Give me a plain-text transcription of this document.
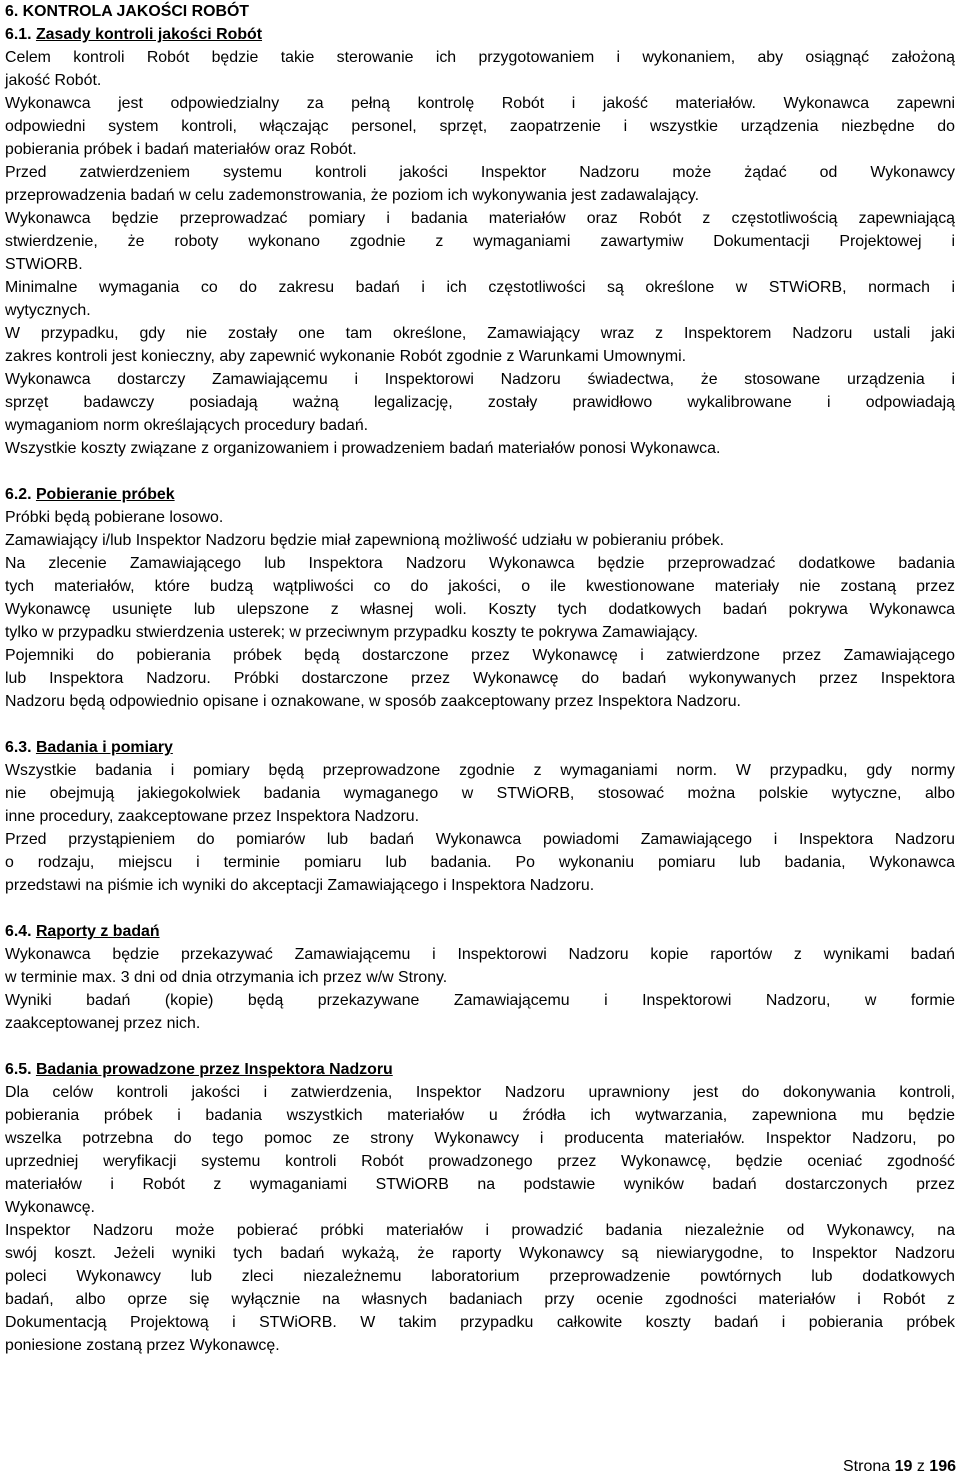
6. KONTROLA JAKOŚCI ROBÓT
6.1. Zasady kontroli jakości Robót
Celem kontroli Robót będzie takie sterowanie ich przygotowaniem i wykonaniem, aby osiągnąć założoną
jakość Robót.
Wykonawca jest odpowiedzialny za pełną kontrolę Robót i jakość materiałów. Wykonawca zapewni
odpowiedni system kontroli, włączając personel, sprzęt, zaopatrzenie i wszystkie urządzenia niezbędne do
pobierania próbek i badań materiałów oraz Robót.
Przed zatwierdzeniem systemu kontroli jakości Inspektor Nadzoru może żądać od Wykonawcy
przeprowadzenia badań w celu zademonstrowania, że poziom ich wykonywania jest zadawalający.
Wykonawca będzie przeprowadzać pomiary i badania materiałów oraz Robót z częstotliwością zapewniającą
stwierdzenie, że roboty wykonano zgodnie z wymaganiami zawartymiw Dokumentacji Projektowej i
STWiORB.
Minimalne wymagania co do zakresu badań i ich częstotliwości są określone w STWiORB, normach i
wytycznych.
W przypadku, gdy nie zostały one tam określone, Zamawiający wraz z Inspektorem Nadzoru ustali jaki
zakres kontroli jest konieczny, aby zapewnić wykonanie Robót zgodnie z Warunkami Umownymi.
Wykonawca dostarczy Zamawiającemu i Inspektorowi Nadzoru świadectwa, że stosowane urządzenia i
sprzęt badawczy posiadają ważną legalizację, zostały prawidłowo wykalibrowane i odpowiadają
wymaganiom norm określających procedury badań.
Wszystkie koszty związane z organizowaniem i prowadzeniem badań materiałów ponosi Wykonawca.
6.2. Pobieranie próbek
Próbki będą pobierane losowo.
Zamawiający i/lub Inspektor Nadzoru będzie miał zapewnioną możliwość udziału w pobieraniu próbek.
Na zlecenie Zamawiającego lub Inspektora Nadzoru Wykonawca będzie przeprowadzać dodatkowe badania
tych materiałów, które budzą wątpliwości co do jakości, o ile kwestionowane materiały nie zostaną przez
Wykonawcę usunięte lub ulepszone z własnej woli. Koszty tych dodatkowych badań pokrywa Wykonawca
tylko w przypadku stwierdzenia usterek; w przeciwnym przypadku koszty te pokrywa Zamawiający.
Pojemniki do pobierania próbek będą dostarczone przez Wykonawcę i zatwierdzone przez Zamawiającego
lub Inspektora Nadzoru. Próbki dostarczone przez Wykonawcę do badań wykonywanych przez Inspektora
Nadzoru będą odpowiednio opisane i oznakowane, w sposób zaakceptowany przez Inspektora Nadzoru.
6.3. Badania i pomiary
Wszystkie badania i pomiary będą przeprowadzone zgodnie z wymaganiami norm. W przypadku, gdy normy
nie obejmują jakiegokolwiek badania wymaganego w STWiORB, stosować można polskie wytyczne, albo
inne procedury, zaakceptowane przez Inspektora Nadzoru.
Przed przystąpieniem do pomiarów lub badań Wykonawca powiadomi Zamawiającego i Inspektora Nadzoru
o rodzaju, miejscu i terminie pomiaru lub badania. Po wykonaniu pomiaru lub badania, Wykonawca
przedstawi na piśmie ich wyniki do akceptacji Zamawiającego i Inspektora Nadzoru.
6.4. Raporty z badań
Wykonawca będzie przekazywać Zamawiającemu i Inspektorowi Nadzoru kopie raportów z wynikami badań
w terminie max. 3 dni od dnia otrzymania ich przez w/w Strony.
Wyniki badań (kopie) będą przekazywane Zamawiającemu i Inspektorowi Nadzoru, w formie
zaakceptowanej przez nich.
6.5. Badania prowadzone przez Inspektora Nadzoru
Dla celów kontroli jakości i zatwierdzenia, Inspektor Nadzoru uprawniony jest do dokonywania kontroli,
pobierania próbek i badania wszystkich materiałów u źródła ich wytwarzania, zapewniona mu będzie
wszelka potrzebna do tego pomoc ze strony Wykonawcy i producenta materiałów. Inspektor Nadzoru, po
uprzedniej weryfikacji systemu kontroli Robót prowadzonego przez Wykonawcę, będzie oceniać zgodność
materiałów i Robót z wymaganiami STWiORB na podstawie wyników badań dostarczonych przez
Wykonawcę.
Inspektor Nadzoru może pobierać próbki materiałów i prowadzić badania niezależnie od Wykonawcy, na
swój koszt. Jeżeli wyniki tych badań wykażą, że raporty Wykonawcy są niewiarygodne, to Inspektor Nadzoru
poleci Wykonawcy lub zleci niezależnemu laboratorium przeprowadzenie powtórnych lub dodatkowych
badań, albo oprze się wyłącznie na własnych badaniach przy ocenie zgodności materiałów i Robót z
Dokumentacją Projektową i STWiORB. W takim przypadku całkowite koszty badań i pobierania próbek
poniesione zostaną przez Wykonawcę.
Strona 19 z 196
